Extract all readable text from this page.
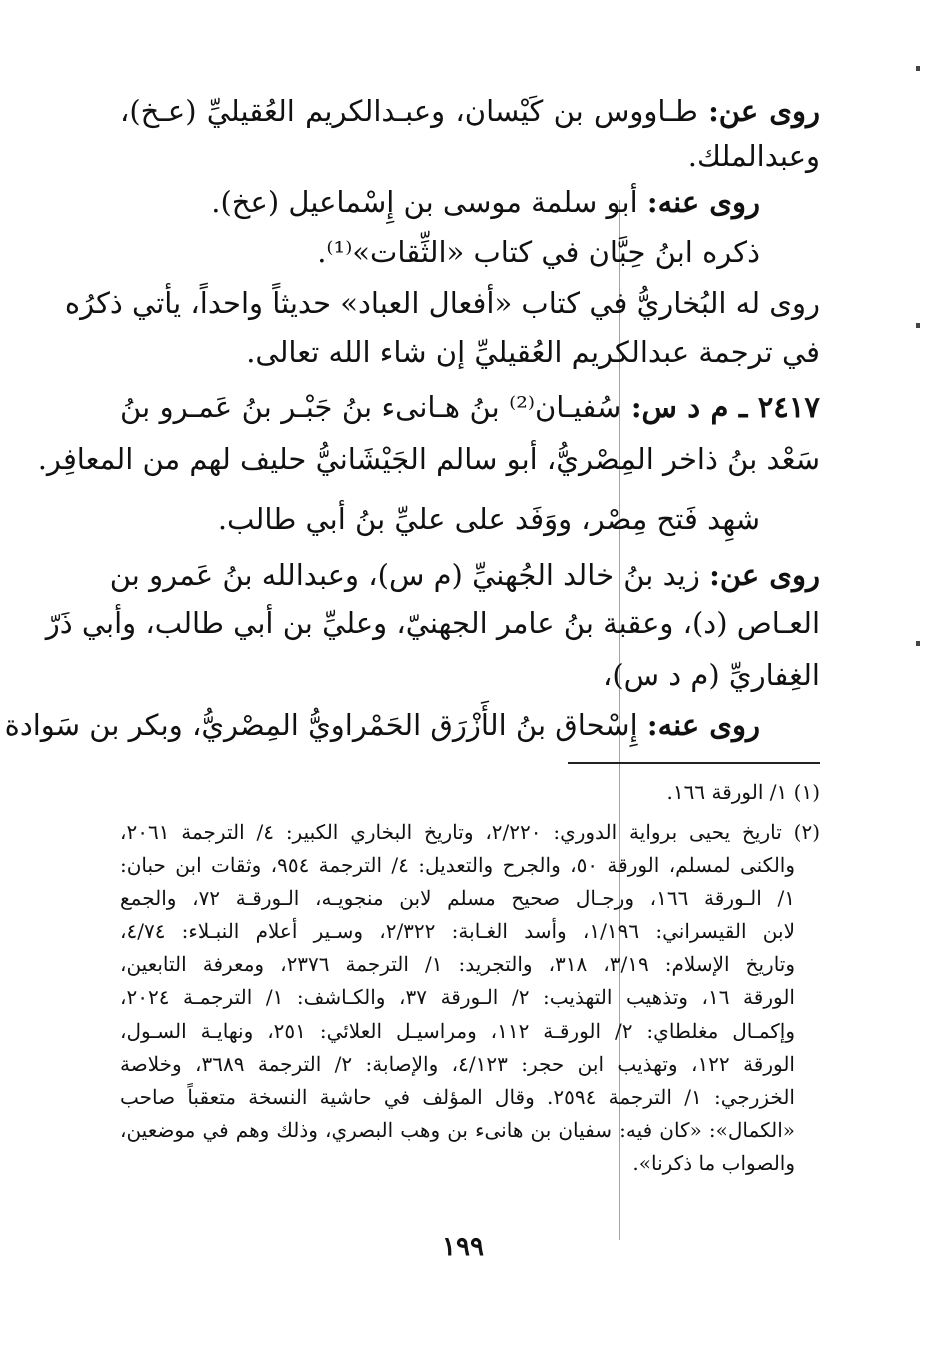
روى عن: طـاووس بن كَيْسان، وعبـدالكريم العُقيليِّ (عـخ)،
وعبدالملك.
روى عنه: أبو سلمة موسى بن إِسْماعيل (عخ).
ذكره ابنُ حِبَّان في كتاب «الثِّقات»⁽¹⁾.
روى له البُخاريُّ في كتاب «أفعال العباد» حديثاً واحداً، يأتي ذكرُه
في ترجمة عبدالكريم العُقيليِّ إن شاء الله تعالى.
٢٤١٧ ـ م د س: سُفيـان⁽²⁾ بنُ هـانىء بنُ جَبْـر بنُ عَمـرو بنُ
سَعْد بنُ ذاخر المِصْريُّ، أبو سالم الجَيْشَانيُّ حليف لهم من المعافِر.
شهِد فَتح مِصْر، ووَفَد على عليِّ بنُ أبي طالب.
روى عن: زيد بنُ خالد الجُهنيِّ (م س)، وعبدالله بنُ عَمرو بن
العـاص (د)، وعقبة بنُ عامر الجهنيّ، وعليِّ بن أبي طالب، وأبي ذَرّ
الغِفاريِّ (م د س)،
روى عنه: إِسْحاق بنُ الأَزْرَق الحَمْراويُّ المِصْريُّ، وبكر بن سَوادة
(١) ١/ الورقة ١٦٦.
(٢) تاريخ يحيى برواية الدوري: ٢/٢٢٠، وتاريخ البخاري الكبير: ٤/ الترجمة ٢٠٦١،
والكنى لمسلم، الورقة ٥٠، والجرح والتعديل: ٤/ الترجمة ٩٥٤، وثقات ابن حبان:
١/ الـورقة ١٦٦، ورجـال صحيح مسلم لابن منجويـه، الـورقـة ٧٢، والجمع
لابن القيسراني: ١/١٩٦، وأسد الغـابة: ٢/٣٢٢، وسـير أعلام النبـلاء: ٤/٧٤،
وتاريخ الإسلام: ٣/١٩، ٣١٨، والتجريد: ١/ الترجمة ٢٣٧٦، ومعرفة التابعين،
الورقة ١٦، وتذهيب التهذيب: ٢/ الـورقة ٣٧، والكـاشف: ١/ الترجمـة ٢٠٢٤،
وإكمـال مغلطاي: ٢/ الورقـة ١١٢، ومراسيـل العلائي: ٢٥١، ونهايـة السـول،
الورقة ١٢٢، وتهذيب ابن حجر: ٤/١٢٣، والإصابة: ٢/ الترجمة ٣٦٨٩، وخلاصة
الخزرجي: ١/ الترجمة ٢٥٩٤. وقال المؤلف في حاشية النسخة متعقباً صاحب
«الكمال»: «كان فيه: سفيان بن هانىء بن وهب البصري، وذلك وهم في موضعين،
والصواب ما ذكرنا».
١٩٩
